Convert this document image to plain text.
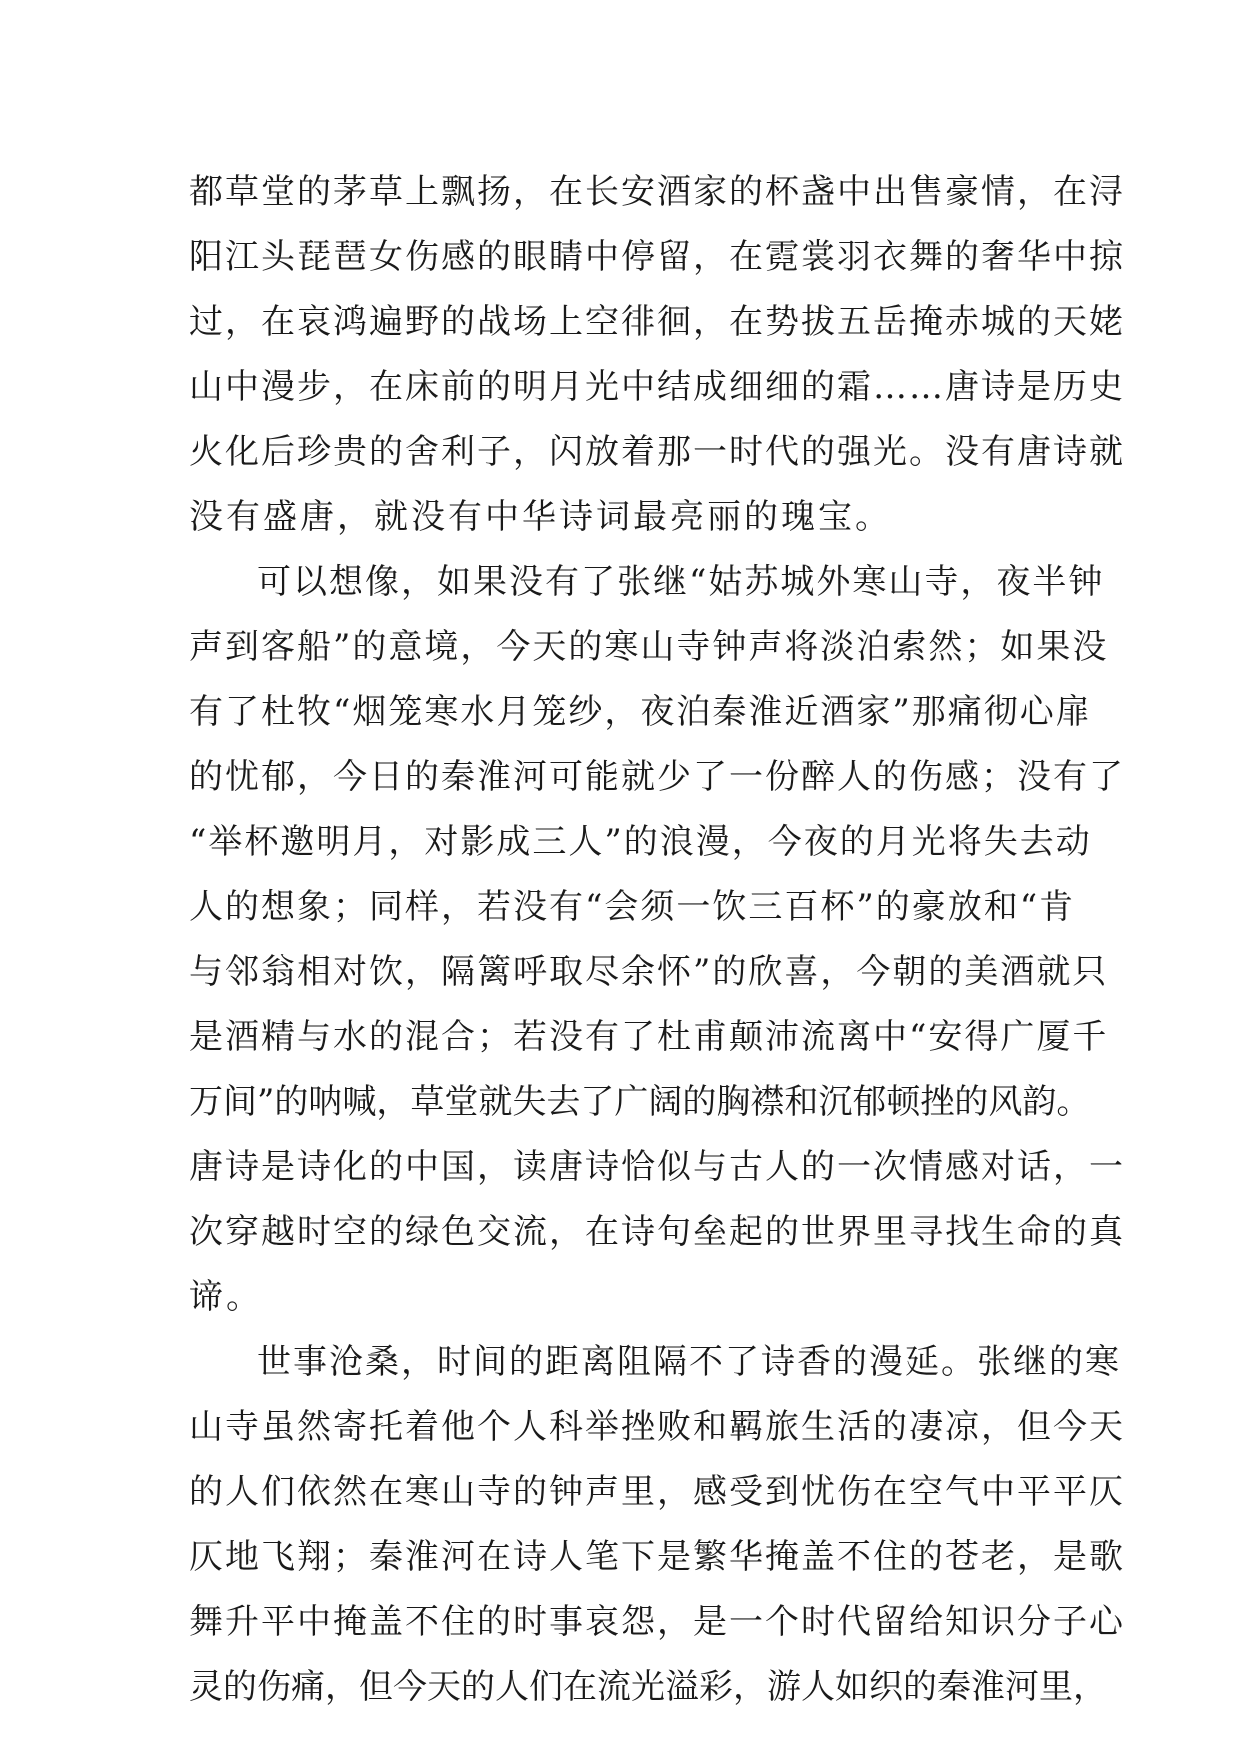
都草堂的茅草上飘扬，在长安酒家的杯盏中出售豪情，在浔
阳江头琵琶女伤感的眼睛中停留，在霓裳羽衣舞的奢华中掠
过，在哀鸿遍野的战场上空徘徊，在势拔五岳掩赤城的天姥
山中漫步，在床前的明月光中结成细细的霜……唐诗是历史
火化后珍贵的舍利子，闪放着那一时代的强光。没有唐诗就
没有盛唐，就没有中华诗词最亮丽的瑰宝。
可以想像，如果没有了张继“姑苏城外寒山寺，夜半钟
声到客船”的意境，今天的寒山寺钟声将淡泊索然；如果没
有了杜牧“烟笼寒水月笼纱，夜泊秦淮近酒家”那痛彻心扉
的忧郁，今日的秦淮河可能就少了一份醉人的伤感；没有了
“举杯邀明月，对影成三人”的浪漫，今夜的月光将失去动
人的想象；同样，若没有“会须一饮三百杯”的豪放和“肯
与邻翁相对饮，隔篱呼取尽余怀”的欣喜，今朝的美酒就只
是酒精与水的混合；若没有了杜甫颠沛流离中“安得广厦千
万间”的呐喊，草堂就失去了广阔的胸襟和沉郁顿挫的风韵。
唐诗是诗化的中国，读唐诗恰似与古人的一次情感对话，一
次穿越时空的绿色交流，在诗句垒起的世界里寻找生命的真
谛。
世事沧桑，时间的距离阻隔不了诗香的漫延。张继的寒
山寺虽然寄托着他个人科举挫败和羁旅生活的凄凉，但今天
的人们依然在寒山寺的钟声里，感受到忧伤在空气中平平仄
仄地飞翔；秦淮河在诗人笔下是繁华掩盖不住的苍老，是歌
舞升平中掩盖不住的时事哀怨，是一个时代留给知识分子心
灵的伤痛，但今天的人们在流光溢彩，游人如织的秦淮河里，
